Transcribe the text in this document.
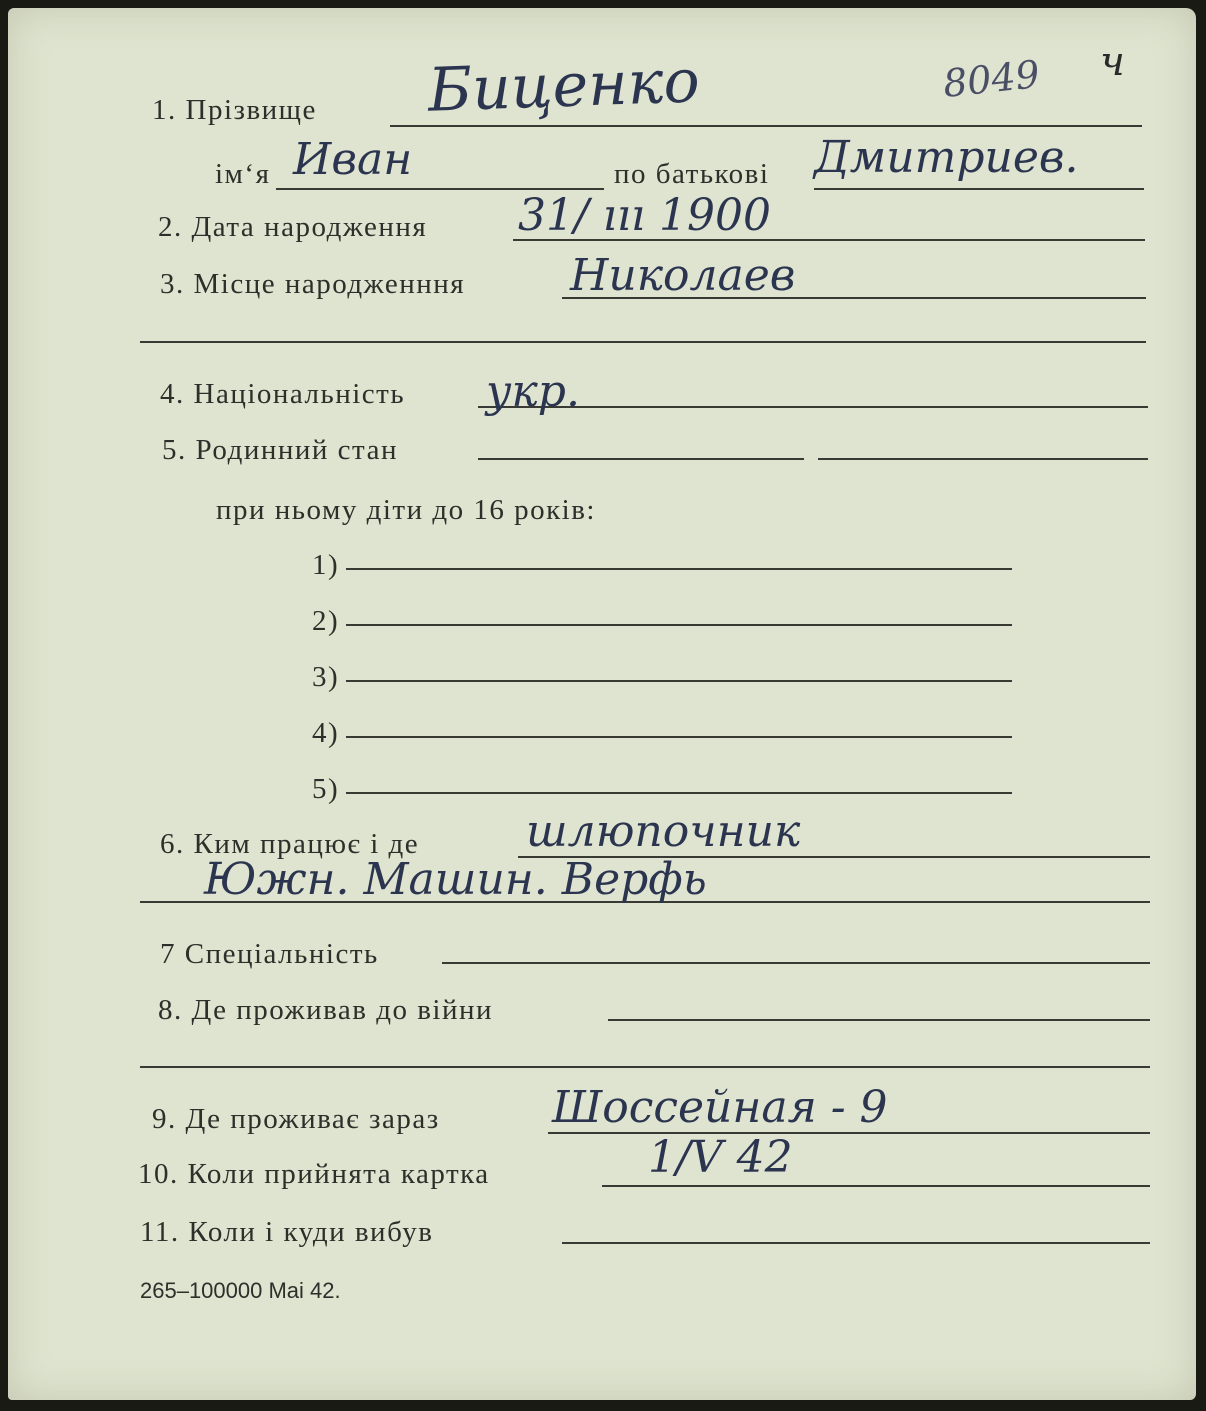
8049 ч
1. Прізвище Биценко
ім‘я Иван	по батькові Дмитриев.
2. Дата народження 31/ ııı 1900
3. Місце народженння Николаев
4. Національність укр.
5. Родинний стан
при ньому діти до 16 років:
1)
2)
3)
4)
5)
6. Ким працює і де шлюпочник
Южн. Машин. Верфь
7 Спеціальність
8. Де проживав до війни
9. Де проживає зараз	Шоссейная - 9
10. Коли прийнята картка	1/V 42
11. Коли і куди вибув
265–100000 Mai 42.
